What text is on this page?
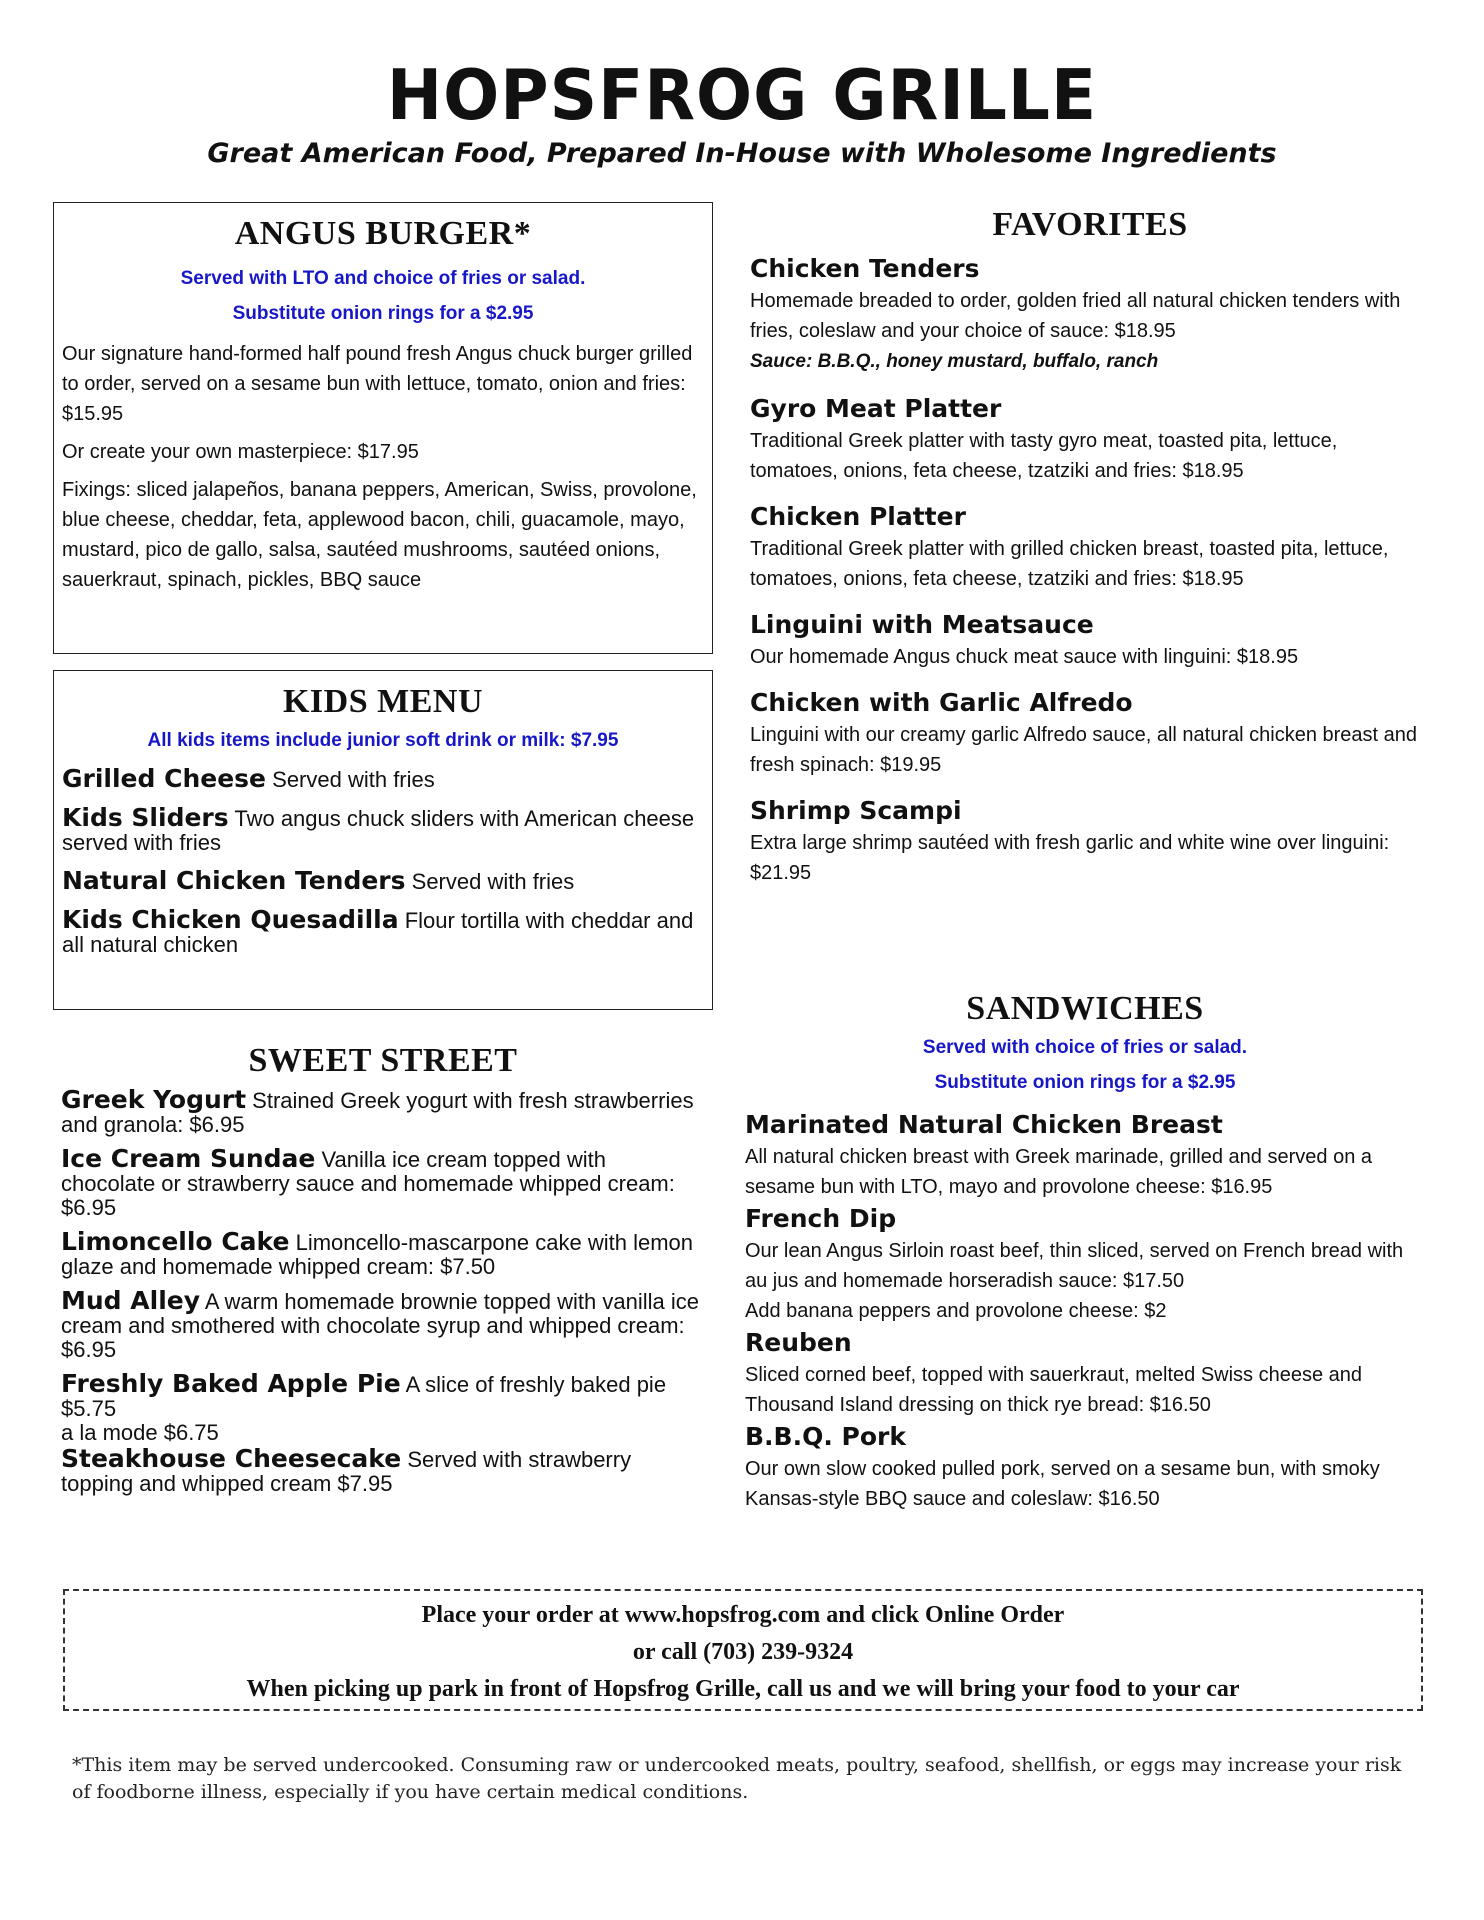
HOPSFROG GRILLE
Great American Food, Prepared In-House with Wholesome Ingredients
ANGUS BURGER*
Served with LTO and choice of fries or salad.
Substitute onion rings for a $2.95
Our signature hand-formed half pound fresh Angus chuck burger grilled to order, served on a sesame bun with lettuce, tomato, onion and fries: $15.95
Or create your own masterpiece: $17.95
Fixings: sliced jalapeños, banana peppers, American, Swiss, provolone, blue cheese, cheddar, feta, applewood bacon, chili, guacamole, mayo, mustard, pico de gallo, salsa, sautéed mushrooms, sautéed onions, sauerkraut, spinach, pickles, BBQ sauce
KIDS MENU
All kids items include junior soft drink or milk: $7.95
Grilled Cheese Served with fries
Kids Sliders Two angus chuck sliders with American cheese served with fries
Natural Chicken Tenders Served with fries
Kids Chicken Quesadilla Flour tortilla with cheddar and all natural chicken
SWEET STREET
Greek Yogurt Strained Greek yogurt with fresh strawberries and granola: $6.95
Ice Cream Sundae Vanilla ice cream topped with chocolate or strawberry sauce and homemade whipped cream: $6.95
Limoncello Cake Limoncello-mascarpone cake with lemon glaze and homemade whipped cream: $7.50
Mud Alley A warm homemade brownie topped with vanilla ice cream and smothered with chocolate syrup and whipped cream: $6.95
Freshly Baked Apple Pie A slice of freshly baked pie
$5.75
a la mode $6.75
Steakhouse Cheesecake Served with strawberry topping and whipped cream $7.95
FAVORITES
Chicken Tenders
Homemade breaded to order, golden fried all natural chicken tenders with fries, coleslaw and your choice of sauce: $18.95
Sauce: B.B.Q., honey mustard, buffalo, ranch
Gyro Meat Platter
Traditional Greek platter with tasty gyro meat, toasted pita, lettuce, tomatoes, onions, feta cheese, tzatziki and fries: $18.95
Chicken Platter
Traditional Greek platter with grilled chicken breast, toasted pita, lettuce, tomatoes, onions, feta cheese, tzatziki and fries: $18.95
Linguini with Meatsauce
Our homemade Angus chuck meat sauce with linguini: $18.95
Chicken with Garlic Alfredo
Linguini with our creamy garlic Alfredo sauce, all natural chicken breast and fresh spinach: $19.95
Shrimp Scampi
Extra large shrimp sautéed with fresh garlic and white wine over linguini: $21.95
SANDWICHES
Served with choice of fries or salad.
Substitute onion rings for a $2.95
Marinated Natural Chicken Breast
All natural chicken breast with Greek marinade, grilled and served on a sesame bun with LTO, mayo and provolone cheese: $16.95
French Dip
Our lean Angus Sirloin roast beef, thin sliced, served on French bread with au jus and homemade horseradish sauce: $17.50
Add banana peppers and provolone cheese: $2
Reuben
Sliced corned beef, topped with sauerkraut, melted Swiss cheese and Thousand Island dressing on thick rye bread: $16.50
B.B.Q. Pork
Our own slow cooked pulled pork, served on a sesame bun, with smoky Kansas-style BBQ sauce and coleslaw: $16.50
Place your order at www.hopsfrog.com and click Online Order
or call (703) 239-9324
When picking up park in front of Hopsfrog Grille, call us and we will bring your food to your car
*This item may be served undercooked. Consuming raw or undercooked meats, poultry, seafood, shellfish, or eggs may increase your risk of foodborne illness, especially if you have certain medical conditions.
